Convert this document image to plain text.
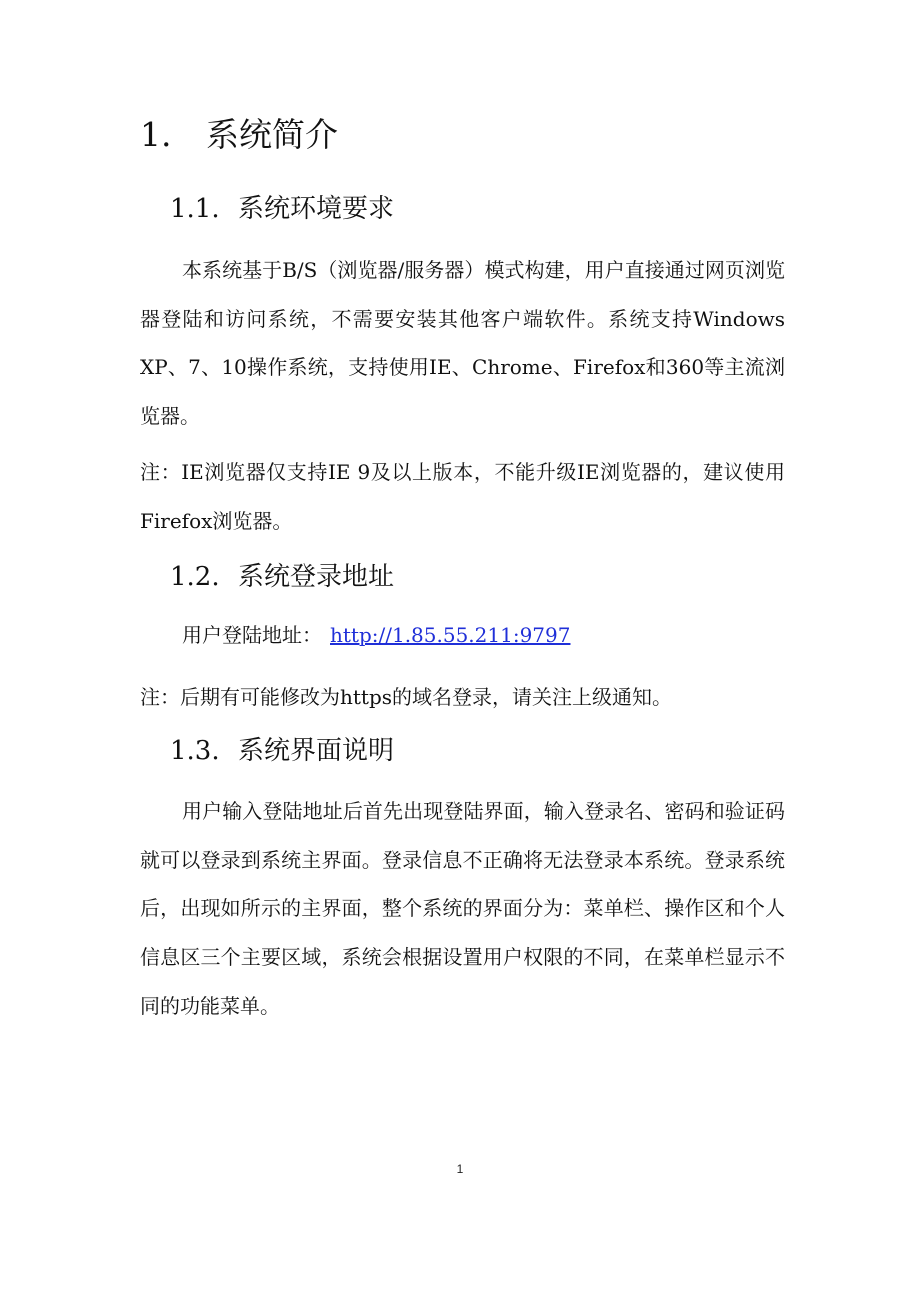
1. 系统简介
1.1. 系统环境要求

本系统基于B/S（浏览器/服务器）模式构建，用户直接通过网页浏览器登陆和访问系统，不需要安装其他客户端软件。系统支持Windows XP、7、10操作系统，支持使用IE、Chrome、Firefox和360等主流浏览器。

注：IE浏览器仅支持IE 9及以上版本，不能升级IE浏览器的，建议使用Firefox浏览器。

1.2. 系统登录地址
用户登陆地址： http://1.85.55.211:9797
注：后期有可能修改为https的域名登录，请关注上级通知。
1.3. 系统界面说明

用户输入登陆地址后首先出现登陆界面，输入登录名、密码和验证码就可以登录到系统主界面。登录信息不正确将无法登录本系统。登录系统后，出现如所示的主界面，整个系统的界面分为：菜单栏、操作区和个人信息区三个主要区域，系统会根据设置用户权限的不同，在菜单栏显示不同的功能菜单。

1
